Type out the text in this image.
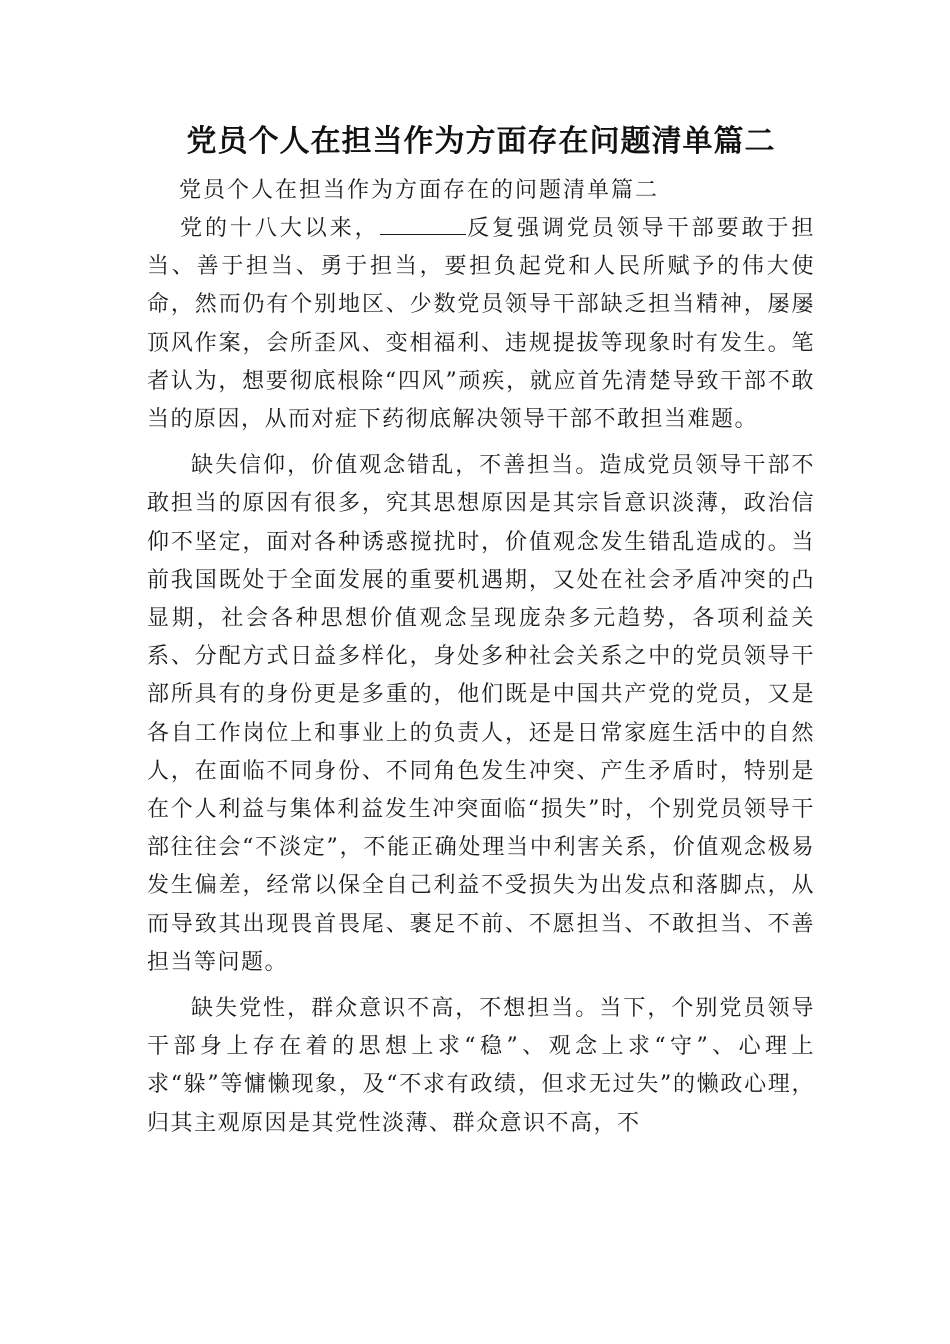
党员个人在担当作为方面存在问题清单篇二

党员个人在担当作为方面存在的问题清单篇二

党的十八大以来，	反复强调党员领导干部要敢于担当、善于担当、勇于担当，要担负起党和人民所赋予的伟大使命，然而仍有个别地区、少数党员领导干部缺乏担当精神，屡屡顶风作案，会所歪风、变相福利、违规提拔等现象时有发生。笔者认为，想要彻底根除“四风”顽疾，就应首先清楚导致干部不敢当的原因，从而对症下药彻底解决领导干部不敢担当难题。

缺失信仰，价值观念错乱，不善担当。造成党员领导干部不敢担当的原因有很多，究其思想原因是其宗旨意识淡薄，政治信仰不坚定，面对各种诱惑搅扰时，价值观念发生错乱造成的。当前我国既处于全面发展的重要机遇期，又处在社会矛盾冲突的凸显期，社会各种思想价值观念呈现庞杂多元趋势，各项利益关系、分配方式日益多样化，身处多种社会关系之中的党员领导干部所具有的身份更是多重的，他们既是中国共产党的党员，又是各自工作岗位上和事业上的负责人，还是日常家庭生活中的自然人，在面临不同身份、不同角色发生冲突、产生矛盾时，特别是在个人利益与集体利益发生冲突面临“损失”时，个别党员领导干部往往会“不淡定”，不能正确处理当中利害关系，价值观念极易发生偏差，经常以保全自己利益不受损失为出发点和落脚点，从而导致其出现畏首畏尾、裹足不前、不愿担当、不敢担当、不善担当等问题。

缺失党性，群众意识不高，不想担当。当下，个别党员领导干部身上存在着的思想上求“稳”、观念上求“守”、心理上求“躲”等慵懒现象，及“不求有政绩，但求无过失”的懒政心理，归其主观原因是其党性淡薄、群众意识不高，不
